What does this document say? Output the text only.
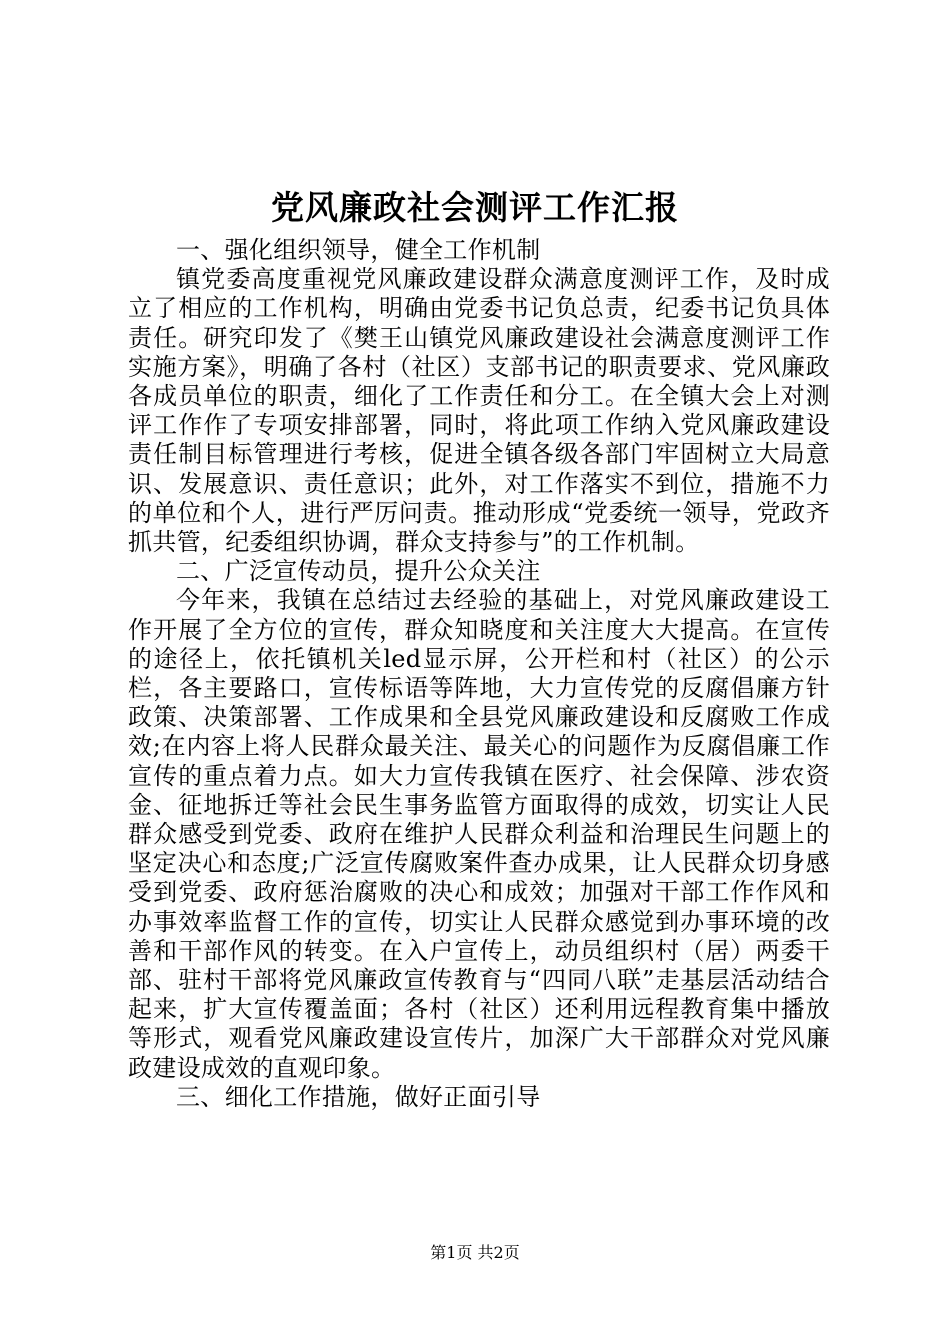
党风廉政社会测评工作汇报

一、强化组织领导，健全工作机制

镇党委高度重视党风廉政建设群众满意度测评工作，及时成立了相应的工作机构，明确由党委书记负总责，纪委书记负具体责任。研究印发了《樊王山镇党风廉政建设社会满意度测评工作实施方案》，明确了各村（社区）支部书记的职责要求、党风廉政各成员单位的职责，细化了工作责任和分工。在全镇大会上对测评工作作了专项安排部署，同时，将此项工作纳入党风廉政建设责任制目标管理进行考核，促进全镇各级各部门牢固树立大局意识、发展意识、责任意识；此外，对工作落实不到位，措施不力的单位和个人，进行严厉问责。推动形成“党委统一领导，党政齐抓共管，纪委组织协调，群众支持参与”的工作机制。

二、广泛宣传动员，提升公众关注

今年来，我镇在总结过去经验的基础上，对党风廉政建设工作开展了全方位的宣传，群众知晓度和关注度大大提高。在宣传的途径上，依托镇机关led显示屏，公开栏和村（社区）的公示栏，各主要路口，宣传标语等阵地，大力宣传党的反腐倡廉方针政策、决策部署、工作成果和全县党风廉政建设和反腐败工作成效;在内容上将人民群众最关注、最关心的问题作为反腐倡廉工作宣传的重点着力点。如大力宣传我镇在医疗、社会保障、涉农资金、征地拆迁等社会民生事务监管方面取得的成效，切实让人民群众感受到党委、政府在维护人民群众利益和治理民生问题上的坚定决心和态度;广泛宣传腐败案件查办成果，让人民群众切身感受到党委、政府惩治腐败的决心和成效；加强对干部工作作风和办事效率监督工作的宣传，切实让人民群众感觉到办事环境的改善和干部作风的转变。在入户宣传上，动员组织村（居）两委干部、驻村干部将党风廉政宣传教育与“四同八联”走基层活动结合起来，扩大宣传覆盖面；各村（社区）还利用远程教育集中播放等形式，观看党风廉政建设宣传片，加深广大干部群众对党风廉政建设成效的直观印象。

三、细化工作措施，做好正面引导

第1页 共2页
